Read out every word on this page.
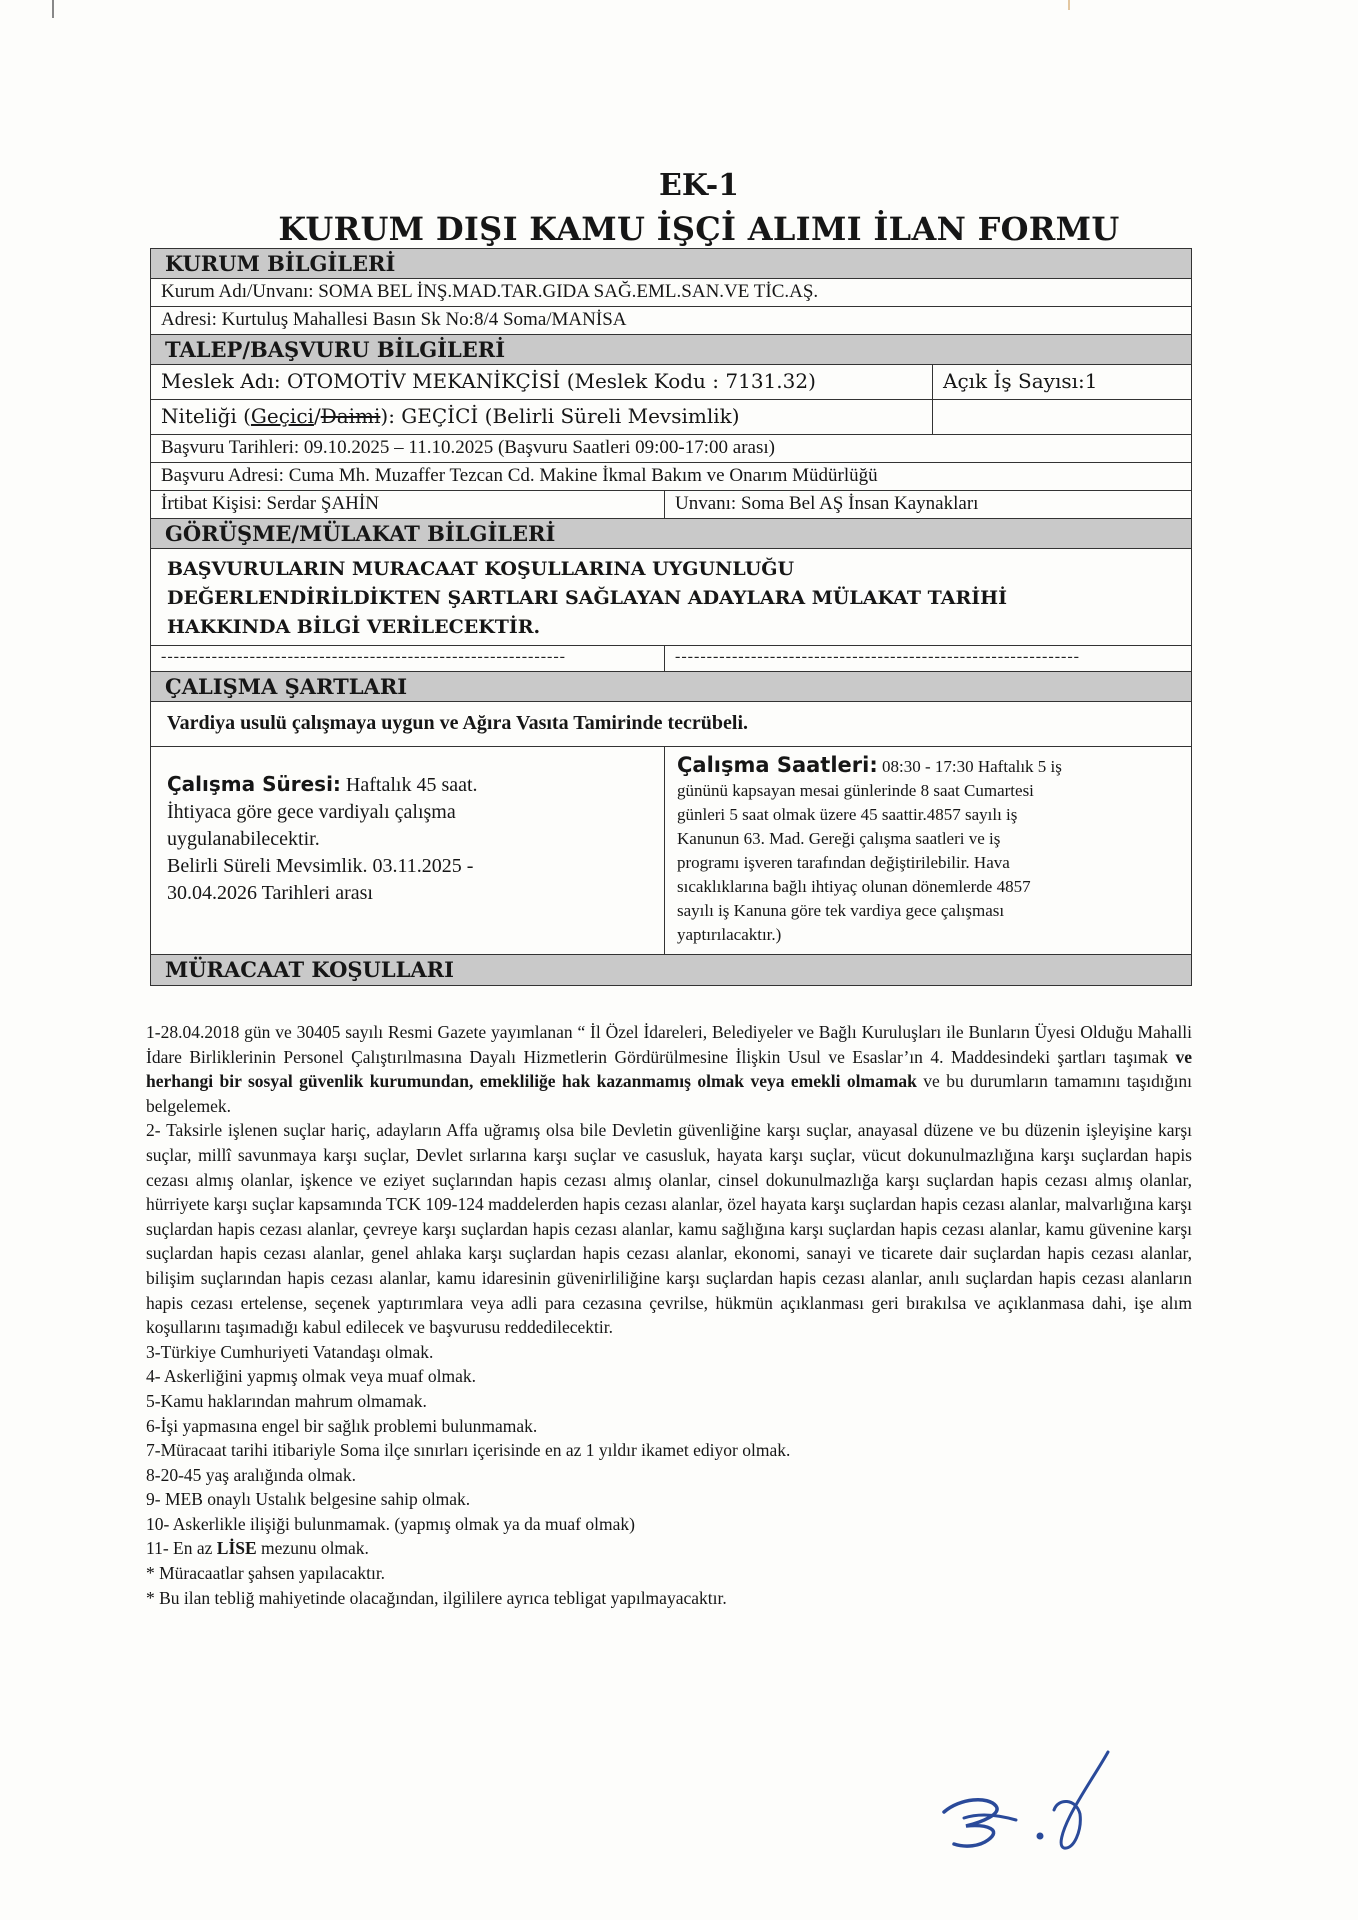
EK-1
KURUM DIŞI KAMU İŞÇİ ALIMI İLAN FORMU
KURUM BİLGİLERİ
Kurum Adı/Unvanı: SOMA BEL İNŞ.MAD.TAR.GIDA SAĞ.EML.SAN.VE TİC.AŞ.
Adresi: Kurtuluş Mahallesi Basın Sk No:8/4 Soma/MANİSA
TALEP/BAŞVURU BİLGİLERİ
Meslek Adı: OTOMOTİV MEKANİKÇİSİ (Meslek Kodu : 7131.32)	Açık İş Sayısı:1
Niteliği (Geçici/Daimi): GEÇİCİ (Belirli Süreli Mevsimlik)
Başvuru Tarihleri: 09.10.2025 – 11.10.2025 (Başvuru Saatleri 09:00-17:00 arası)
Başvuru Adresi: Cuma Mh. Muzaffer Tezcan Cd. Makine İkmal Bakım ve Onarım Müdürlüğü
İrtibat Kişisi: Serdar ŞAHİN	Unvanı: Soma Bel AŞ İnsan Kaynakları
GÖRÜŞME/MÜLAKAT BİLGİLERİ
BAŞVURULARIN MURACAAT KOŞULLARINA UYGUNLUĞU
DEĞERLENDİRİLDİKTEN ŞARTLARI SAĞLAYAN ADAYLARA MÜLAKAT TARİHİ
HAKKINDA BİLGİ VERİLECEKTİR.
----------------------------------------------------------------	----------------------------------------------------------------
ÇALIŞMA ŞARTLARI
Vardiya usulü çalışmaya uygun ve Ağıra Vasıta Tamirinde tecrübeli.
Çalışma Süresi: Haftalık 45 saat.
İhtiyaca göre gece vardiyalı çalışma
uygulanabilecektir.
Belirli Süreli Mevsimlik. 03.11.2025 -
30.04.2026 Tarihleri arası
Çalışma Saatleri: 08:30 - 17:30 Haftalık 5 iş
gününü kapsayan mesai günlerinde 8 saat Cumartesi
günleri 5 saat olmak üzere 45 saattir.4857 sayılı iş
Kanunun 63. Mad. Gereği çalışma saatleri ve iş
programı işveren tarafından değiştirilebilir. Hava
sıcaklıklarına bağlı ihtiyaç olunan dönemlerde 4857
sayılı iş Kanuna göre tek vardiya gece çalışması
yaptırılacaktır.)
MÜRACAAT KOŞULLARI

1-28.04.2018 gün ve 30405 sayılı Resmi Gazete yayımlanan “ İl Özel İdareleri, Belediyeler ve Bağlı Kuruluşları ile Bunların Üyesi Olduğu Mahalli İdare Birliklerinin Personel Çalıştırılmasına Dayalı Hizmetlerin Gördürülmesine İlişkin Usul ve Esaslar’ın 4. Maddesindeki şartları taşımak ve herhangi bir sosyal güvenlik kurumundan, emekliliğe hak kazanmamış olmak veya emekli olmamak ve bu durumların tamamını taşıdığını belgelemek.

2- Taksirle işlenen suçlar hariç, adayların Affa uğramış olsa bile Devletin güvenliğine karşı suçlar, anayasal düzene ve bu düzenin işleyişine karşı suçlar, millî savunmaya karşı suçlar, Devlet sırlarına karşı suçlar ve casusluk, hayata karşı suçlar, vücut dokunulmazlığına karşı suçlardan hapis cezası almış olanlar, işkence ve eziyet suçlarından hapis cezası almış olanlar, cinsel dokunulmazlığa karşı suçlardan hapis cezası almış olanlar, hürriyete karşı suçlar kapsamında TCK 109-124 maddelerden hapis cezası alanlar, özel hayata karşı suçlardan hapis cezası alanlar, malvarlığına karşı suçlardan hapis cezası alanlar, çevreye karşı suçlardan hapis cezası alanlar, kamu sağlığına karşı suçlardan hapis cezası alanlar, kamu güvenine karşı suçlardan hapis cezası alanlar, genel ahlaka karşı suçlardan hapis cezası alanlar, ekonomi, sanayi ve ticarete dair suçlardan hapis cezası alanlar, bilişim suçlarından hapis cezası alanlar, kamu idaresinin güvenirliliğine karşı suçlardan hapis cezası alanlar, anılı suçlardan hapis cezası alanların hapis cezası ertelense, seçenek yaptırımlara veya adli para cezasına çevrilse, hükmün açıklanması geri bırakılsa ve açıklanmasa dahi, işe alım koşullarını taşımadığı kabul edilecek ve başvurusu reddedilecektir.

3-Türkiye Cumhuriyeti Vatandaşı olmak.

4- Askerliğini yapmış olmak veya muaf olmak.

5-Kamu haklarından mahrum olmamak.

6-İşi yapmasına engel bir sağlık problemi bulunmamak.

7-Müracaat tarihi itibariyle Soma ilçe sınırları içerisinde en az 1 yıldır ikamet ediyor olmak.

8-20-45 yaş aralığında olmak.

9- MEB onaylı Ustalık belgesine sahip olmak.

10- Askerlikle ilişiği bulunmamak. (yapmış olmak ya da muaf olmak)

11- En az LİSE mezunu olmak.

* Müracaatlar şahsen yapılacaktır.

* Bu ilan tebliğ mahiyetinde olacağından, ilgililere ayrıca tebligat yapılmayacaktır.
